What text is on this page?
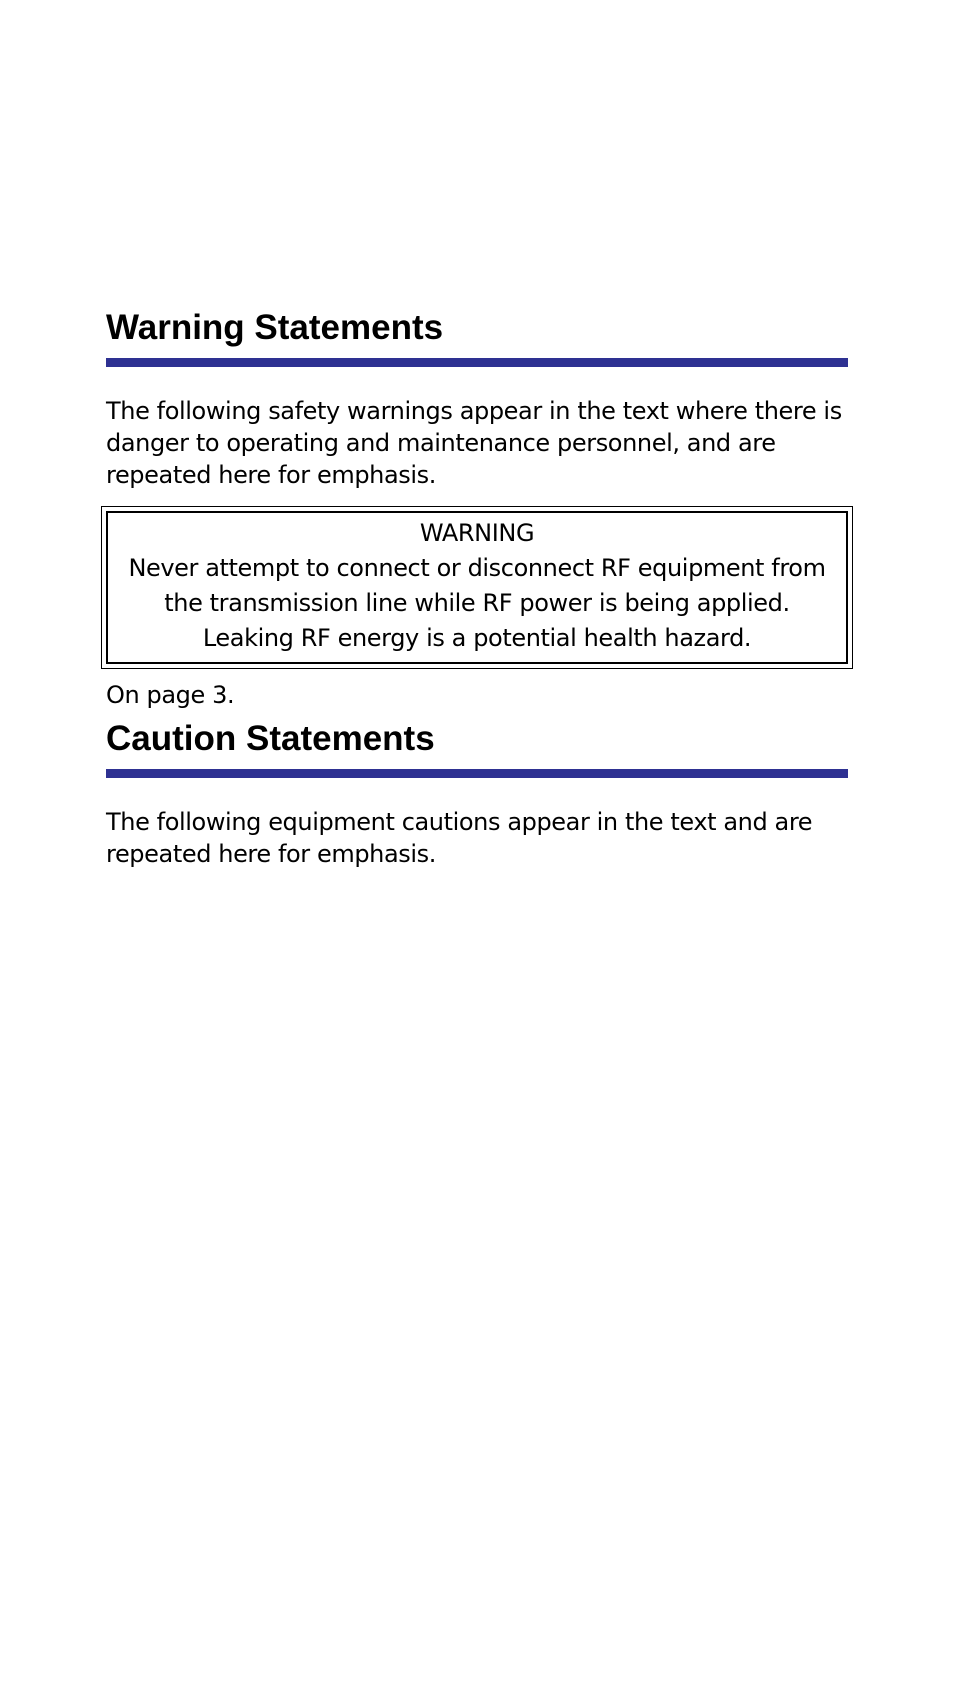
Warning Statements

The following safety warnings appear in the text where there is danger to operating and maintenance personnel, and are repeated here for emphasis.

WARNING
Never attempt to connect or disconnect RF equipment from
the transmission line while RF power is being applied.
Leaking RF energy is a potential health hazard.

On page 3.

Caution Statements

The following equipment cautions appear in the text and are repeated here for emphasis.
